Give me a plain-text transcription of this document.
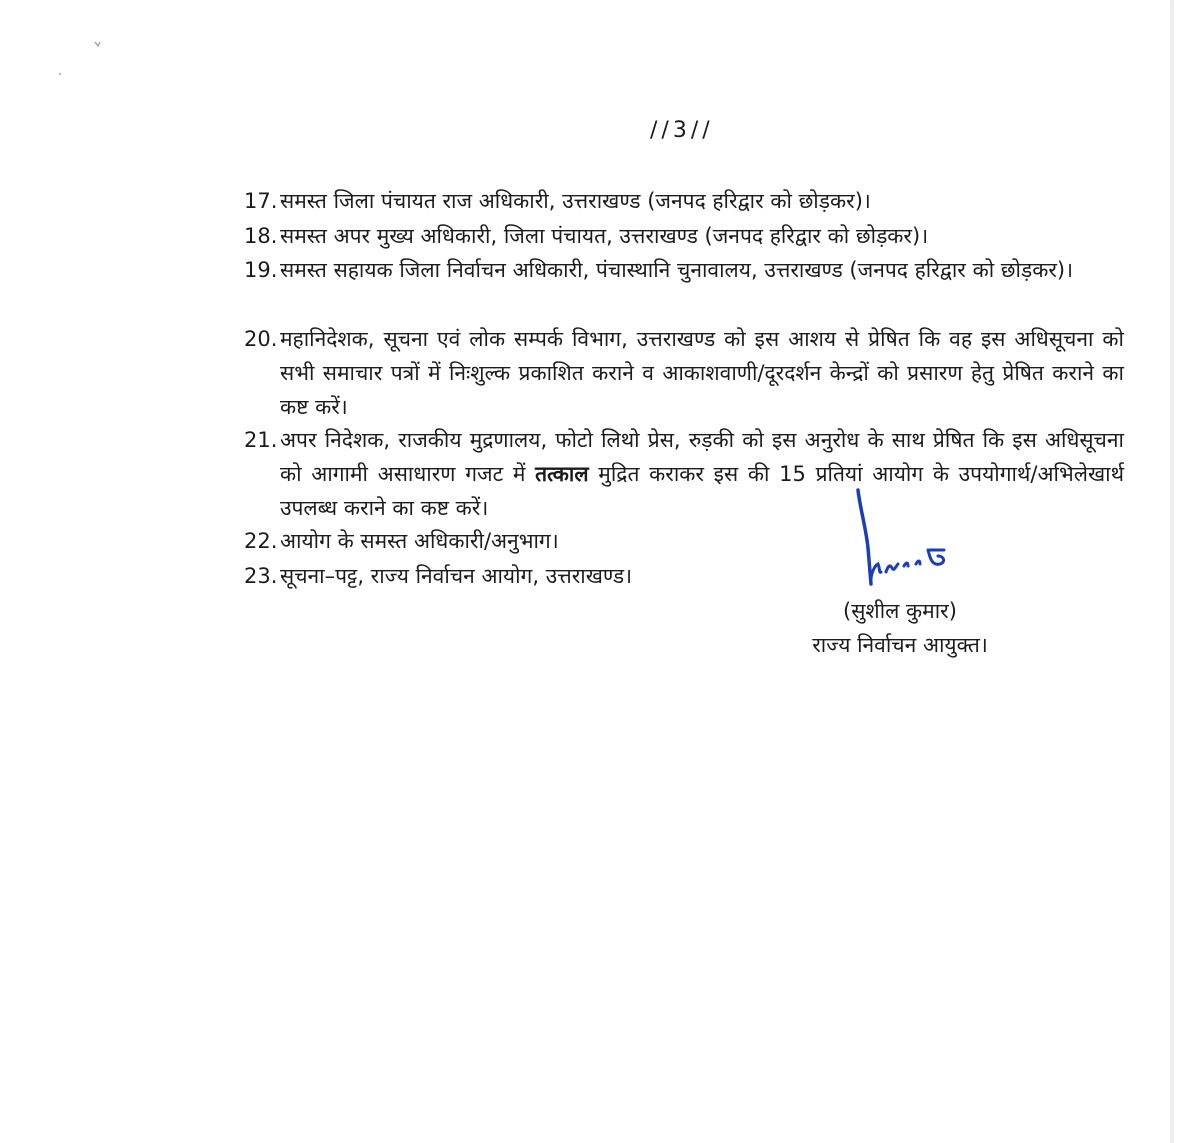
//3//
17. समस्त जिला पंचायत राज अधिकारी, उत्तराखण्ड (जनपद हरिद्वार को छोड़कर)।
18. समस्त अपर मुख्य अधिकारी, जिला पंचायत, उत्तराखण्ड (जनपद हरिद्वार को छोड़कर)।
19. समस्त सहायक जिला निर्वाचन अधिकारी, पंचास्थानि चुनावालय, उत्तराखण्ड (जनपद हरिद्वार को छोड़कर)।
20. महानिदेशक, सूचना एवं लोक सम्पर्क विभाग, उत्तराखण्ड को इस आशय से प्रेषित कि वह इस अधिसूचना को सभी समाचार पत्रों में निःशुल्क प्रकाशित कराने व आकाशवाणी/दूरदर्शन केन्द्रों को प्रसारण हेतु प्रेषित कराने का कष्ट करें।
21. अपर निदेशक, राजकीय मुद्रणालय, फोटो लिथो प्रेस, रुड़की को इस अनुरोध के साथ प्रेषित कि इस अधिसूचना को आगामी असाधारण गजट में तत्काल मुद्रित कराकर इस की 15 प्रतियां आयोग के उपयोगार्थ/अभिलेखार्थ उपलब्ध कराने का कष्ट करें।
22. आयोग के समस्त अधिकारी/अनुभाग।
23. सूचना–पट्ट, राज्य निर्वाचन आयोग, उत्तराखण्ड।
(सुशील कुमार)
राज्य निर्वाचन आयुक्त।
